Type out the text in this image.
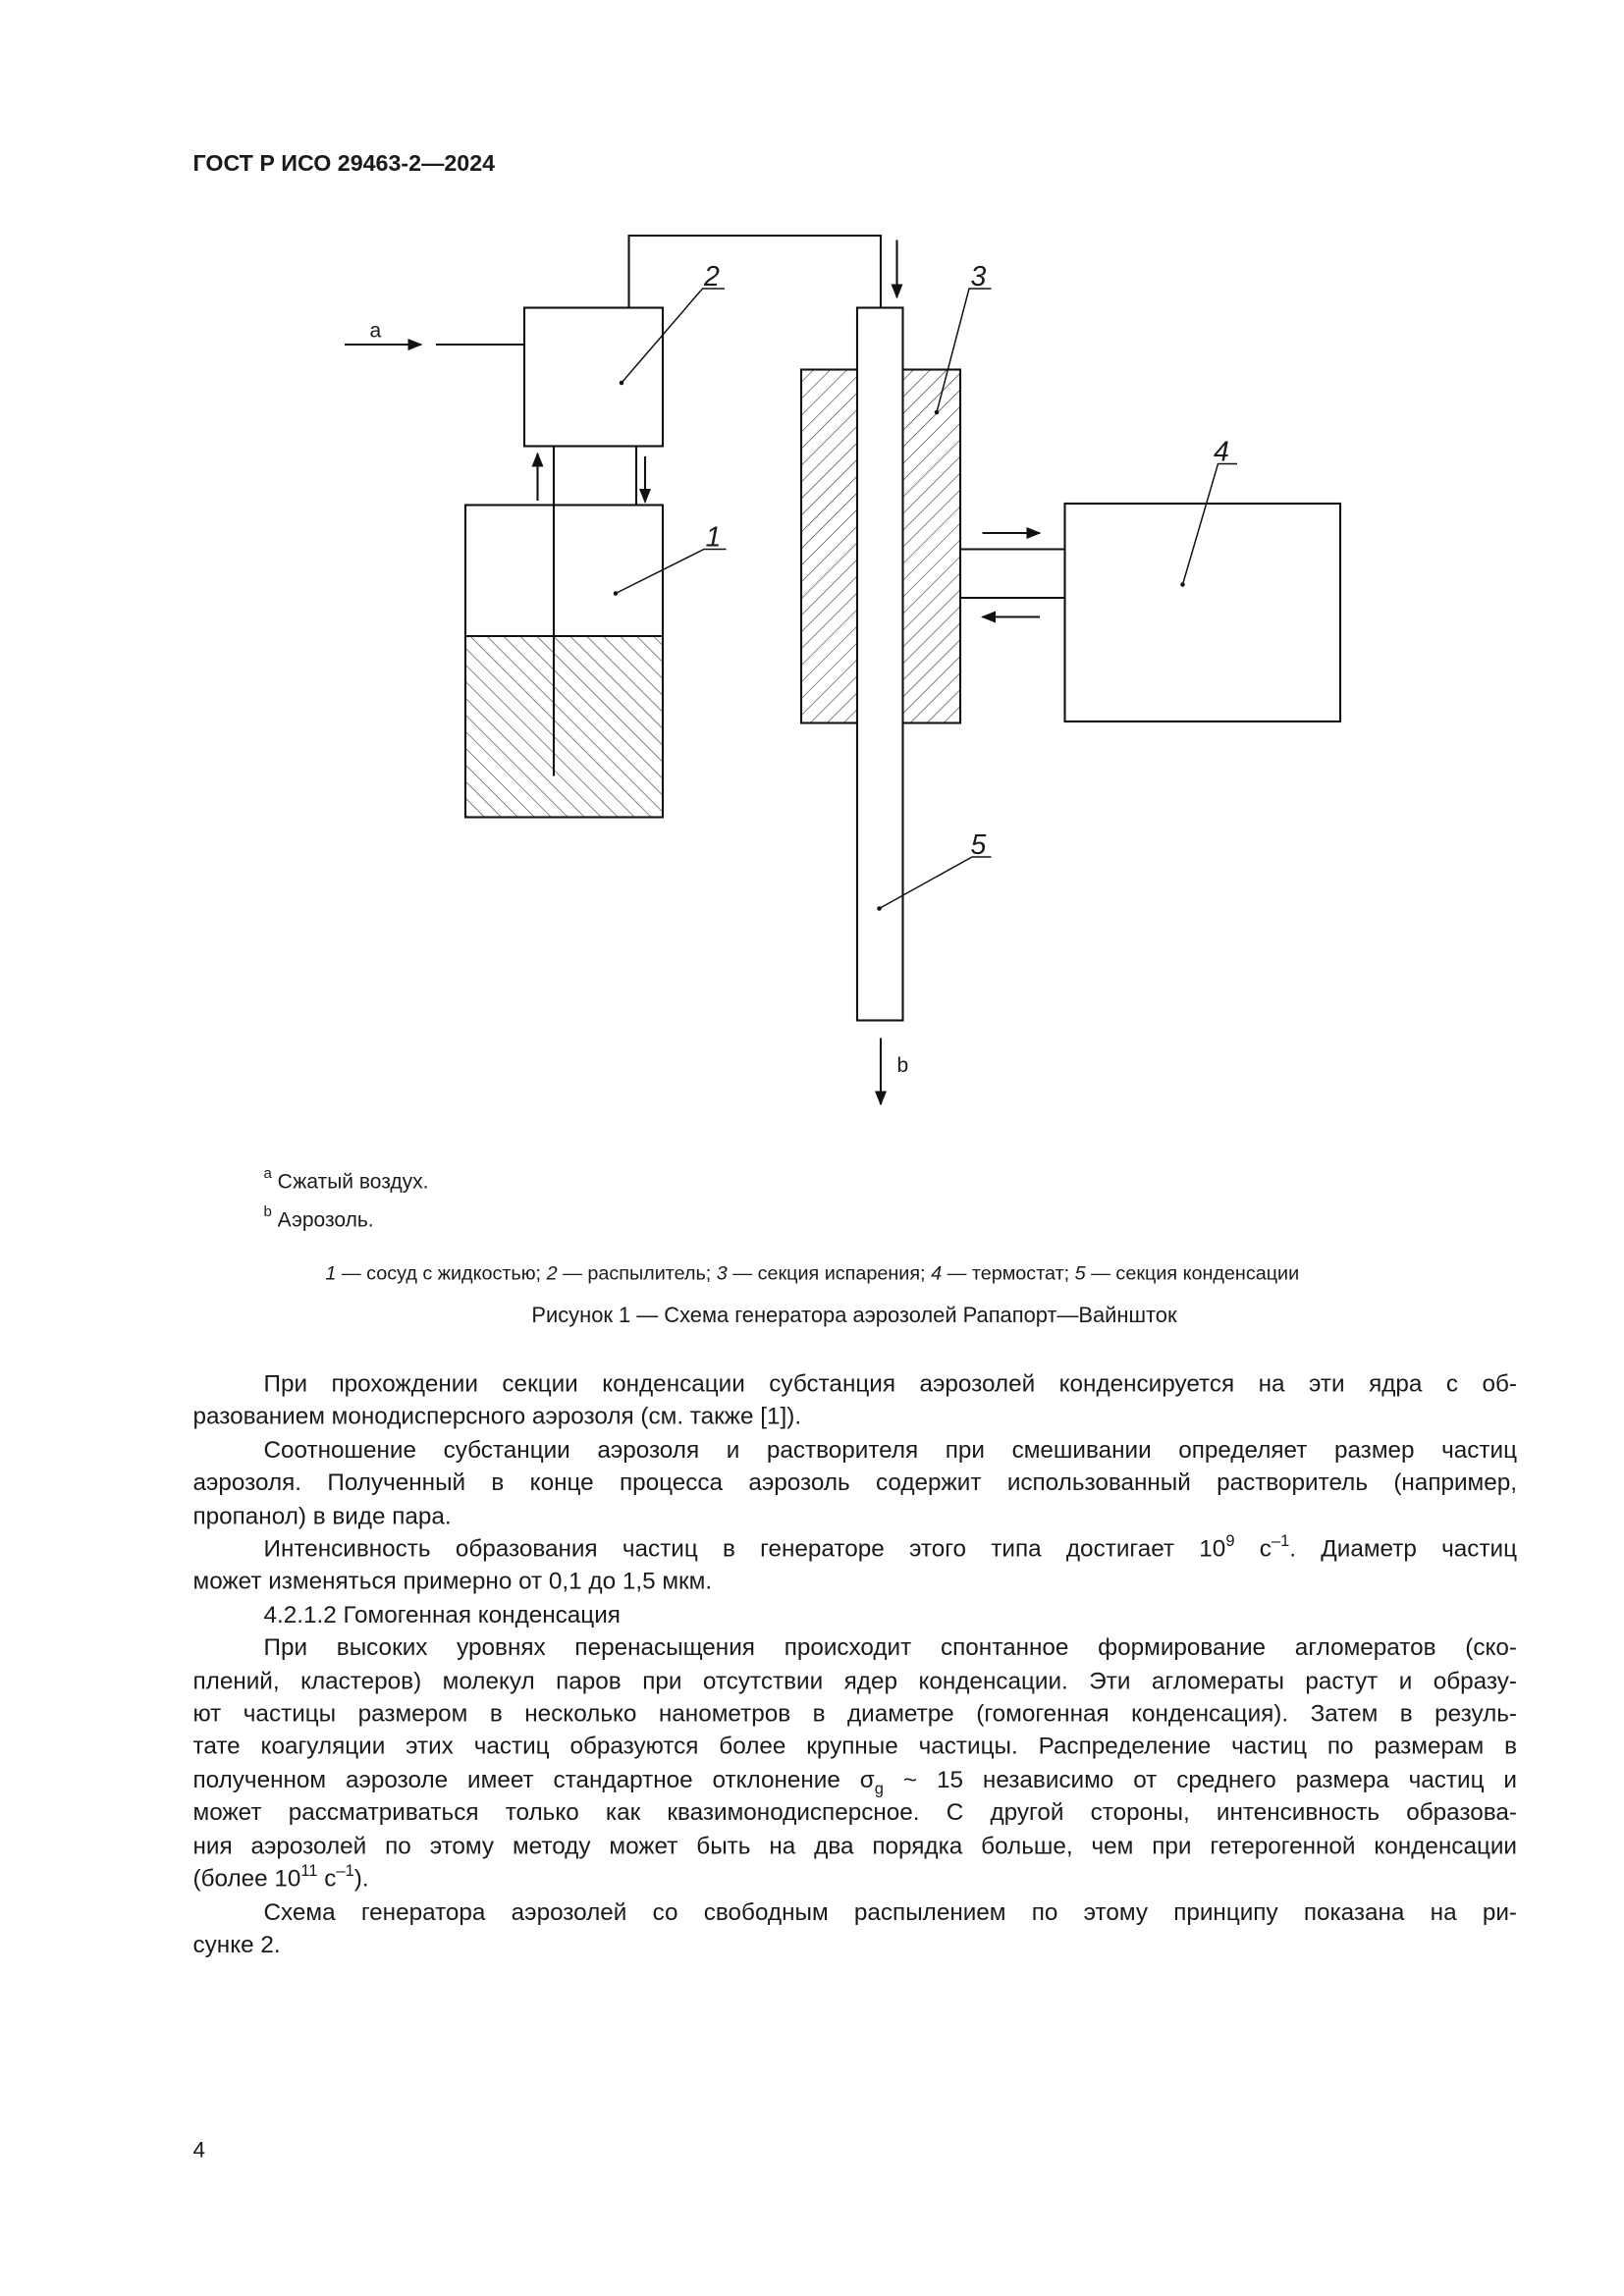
ГОСТ Р ИСО 29463-2—2024
2
1
3
4
5
a
b
$^a$ Сжатый воздух.
$^b$ Аэрозоль.
1 — сосуд с жидкостью; 2 — распылитель; 3 — секция испарения; 4 — термостат; 5 — секция конденсации
Рисунок 1 — Схема генератора аэрозолей Рапапорт—Вайншток
При прохождении секции конденсации субстанция аэрозолей конденсируется на эти ядра с об-
разованием монодисперсного аэрозоля (см. также [1]).
Соотношение субстанции аэрозоля и растворителя при смешивании определяет размер частиц
аэрозоля. Полученный в конце процесса аэрозоль содержит использованный растворитель (например,
пропанол) в виде пара.
Интенсивность образования частиц в генераторе этого типа достигает $10^9$ $с^{-1}$. Диаметр частиц
может изменяться примерно от 0,1 до 1,5 мкм.
4.2.1.2 Гомогенная конденсация
При высоких уровнях перенасыщения происходит спонтанное формирование агломератов (ско-
плений, кластеров) молекул паров при отсутствии ядер конденсации. Эти агломераты растут и образу-
ют частицы размером в несколько нанометров в диаметре (гомогенная конденсация). Затем в резуль-
тате коагуляции этих частиц образуются более крупные частицы. Распределение частиц по размерам в
полученном аэрозоле имеет стандартное отклонение $\sigma_g$ ~ 15 независимо от среднего размера частиц и
может рассматриваться только как квазимонодисперсное. С другой стороны, интенсивность образова-
ния аэрозолей по этому методу может быть на два порядка больше, чем при гетерогенной конденсации
(более $10^{11}$ $с^{-1}$).
Схема генератора аэрозолей со свободным распылением по этому принципу показана на ри-
сунке 2.
4
